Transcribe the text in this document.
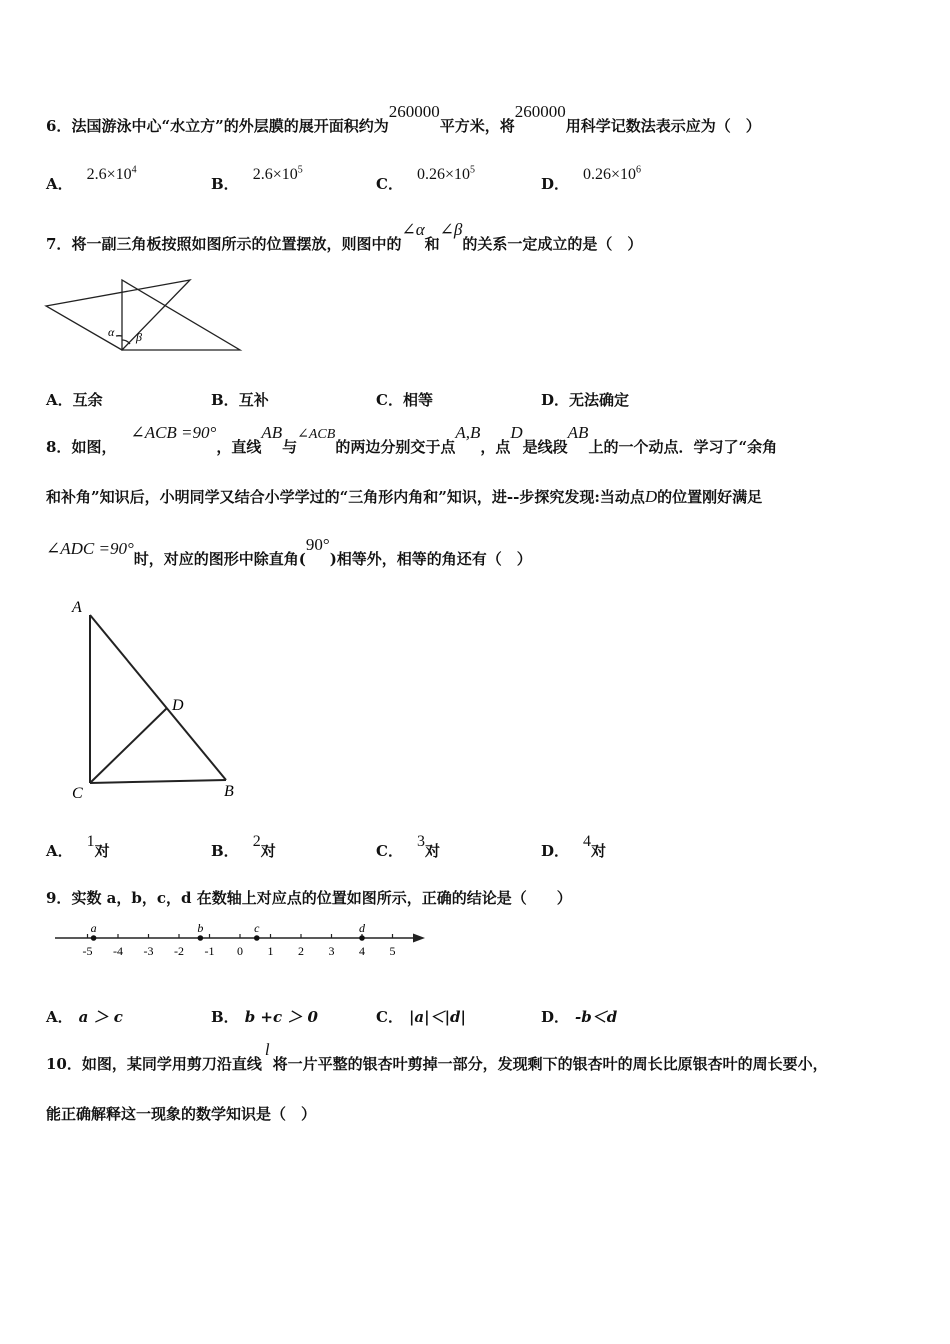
6．法国游泳中心“水立方”的外层膜的展开面积约为260000平方米，将260000用科学记数法表示应为（　）
A．$2.6\times 10^4$
B．$2.6\times 10^5$
C．$0.26\times 10^5$
D．$0.26\times 10^6$
7．将一副三角板按照如图所示的位置摆放，则图中的∠α和∠β的关系一定成立的是（　）
α β
A．互余	B．互补	C．相等	D．无法确定
8．如图，∠ACB =90°，直线AB与∠ACB的两边分别交于点A,B，点D是线段AB上的一个动点．学习了“余角
和补角”知识后，小明同学又结合小学学过的“三角形内角和”知识，进--步探究发现:当动点D的位置刚好满足
∠ADC =90°时，对应的图形中除直角(90°)相等外，相等的角还有（　）
A
D
C	B
A．1对	B．2对	C．3对	D．4对
9．实数 a，b，c，d 在数轴上对应点的位置如图所示，正确的结论是（　　）
-5 -4 -3 -2 -1 0 1 2 3 4 5
a	b	c	d
A． a ＞ c	B． b +c ＞ 0	C． |a|＜|d|	D． -b＜d
10．如图，某同学用剪刀沿直线l将一片平整的银杏叶剪掉一部分，发现剩下的银杏叶的周长比原银杏叶的周长要小，
能正确解释这一现象的数学知识是（　）
